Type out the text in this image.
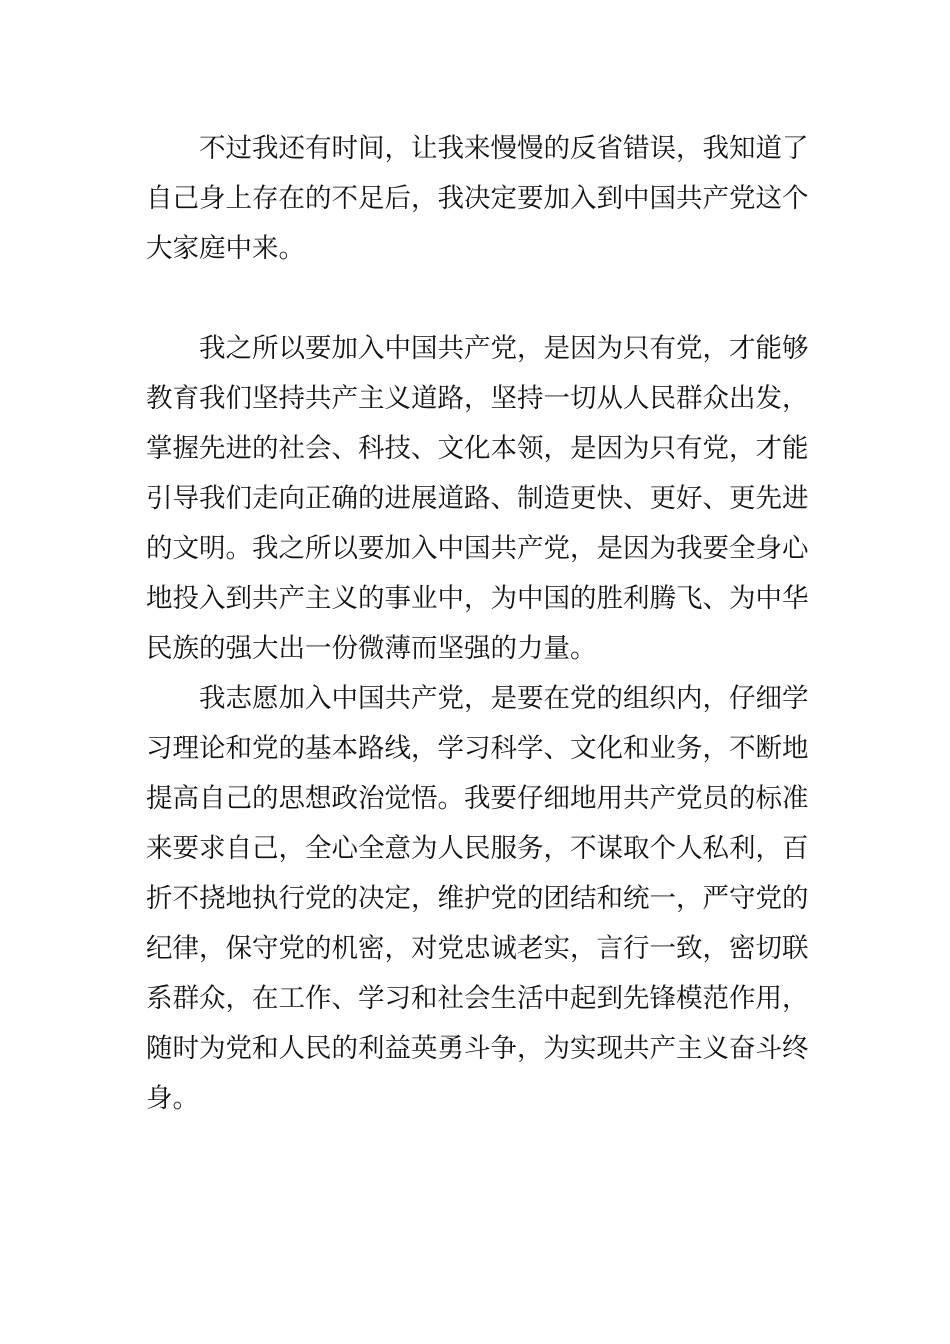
不过我还有时间，让我来慢慢的反省错误，我知道了
自己身上存在的不足后，我决定要加入到中国共产党这个
大家庭中来。

我之所以要加入中国共产党，是因为只有党，才能够
教育我们坚持共产主义道路，坚持一切从人民群众出发，
掌握先进的社会、科技、文化本领，是因为只有党，才能
引导我们走向正确的进展道路、制造更快、更好、更先进
的文明。我之所以要加入中国共产党，是因为我要全身心
地投入到共产主义的事业中，为中国的胜利腾飞、为中华
民族的强大出一份微薄而坚强的力量。

我志愿加入中国共产党，是要在党的组织内，仔细学
习理论和党的基本路线，学习科学、文化和业务，不断地
提高自己的思想政治觉悟。我要仔细地用共产党员的标准
来要求自己，全心全意为人民服务，不谋取个人私利，百
折不挠地执行党的决定，维护党的团结和统一，严守党的
纪律，保守党的机密，对党忠诚老实，言行一致，密切联
系群众，在工作、学习和社会生活中起到先锋模范作用，
随时为党和人民的利益英勇斗争，为实现共产主义奋斗终
身。
